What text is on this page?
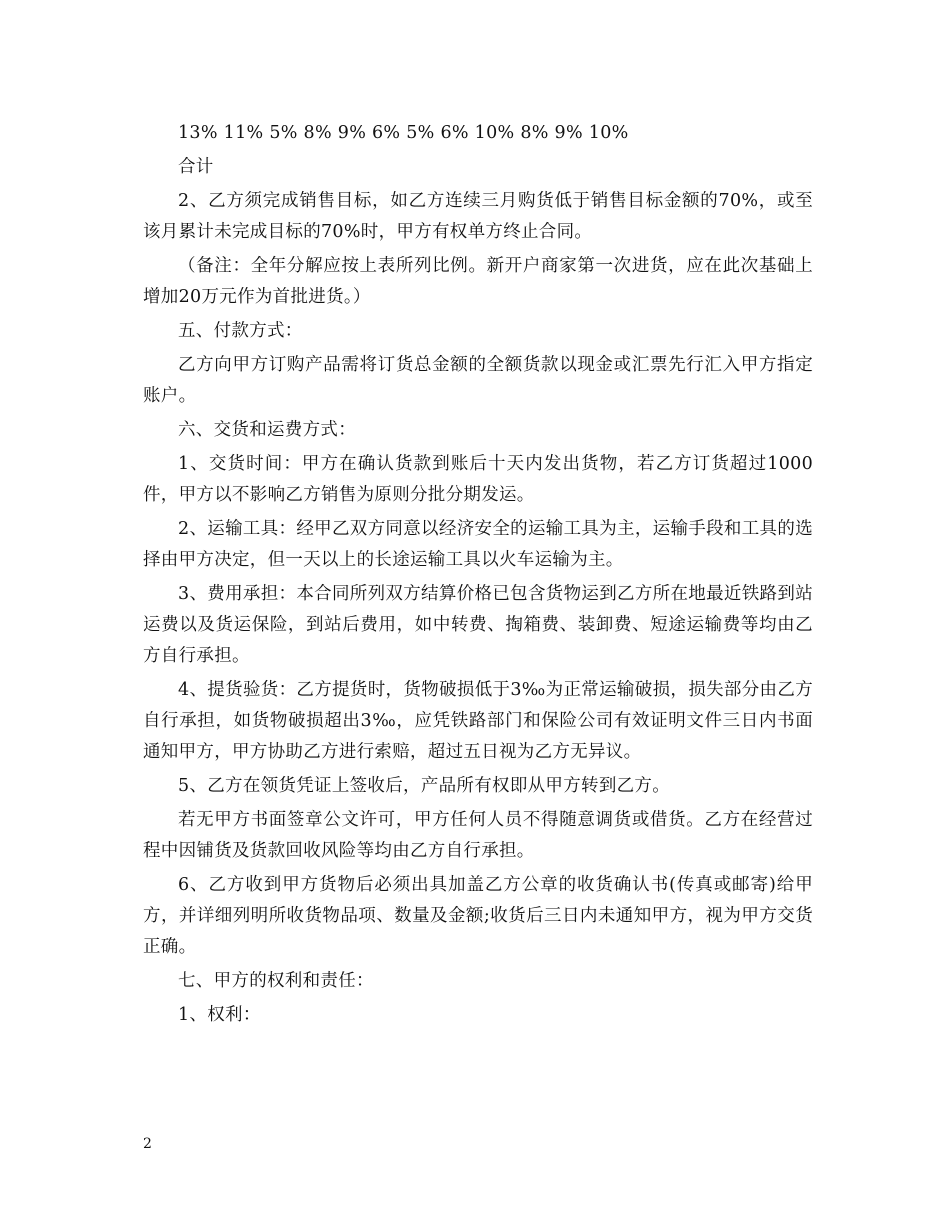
13% 11% 5% 8% 9% 6% 5% 6% 10% 8% 9% 10%

合计

2、乙方须完成销售目标，如乙方连续三月购货低于销售目标金额的70%，或至该月累计未完成目标的70%时，甲方有权单方终止合同。

（备注：全年分解应按上表所列比例。新开户商家第一次进货，应在此次基础上增加20万元作为首批进货。）

五、付款方式：

乙方向甲方订购产品需将订货总金额的全额货款以现金或汇票先行汇入甲方指定账户。

六、交货和运费方式：

1、交货时间：甲方在确认货款到账后十天内发出货物，若乙方订货超过1000件，甲方以不影响乙方销售为原则分批分期发运。

2、运输工具：经甲乙双方同意以经济安全的运输工具为主，运输手段和工具的选择由甲方决定，但一天以上的长途运输工具以火车运输为主。

3、费用承担：本合同所列双方结算价格已包含货物运到乙方所在地最近铁路到站运费以及货运保险，到站后费用，如中转费、掏箱费、装卸费、短途运输费等均由乙方自行承担。

4、提货验货：乙方提货时，货物破损低于3‰为正常运输破损，损失部分由乙方自行承担，如货物破损超出3‰，应凭铁路部门和保险公司有效证明文件三日内书面通知甲方，甲方协助乙方进行索赔，超过五日视为乙方无异议。

5、乙方在领货凭证上签收后，产品所有权即从甲方转到乙方。

若无甲方书面签章公文许可，甲方任何人员不得随意调货或借货。乙方在经营过程中因铺货及货款回收风险等均由乙方自行承担。

6、乙方收到甲方货物后必须出具加盖乙方公章的收货确认书(传真或邮寄)给甲方，并详细列明所收货物品项、数量及金额;收货后三日内未通知甲方，视为甲方交货正确。

七、甲方的权利和责任：

1、权利：

2
